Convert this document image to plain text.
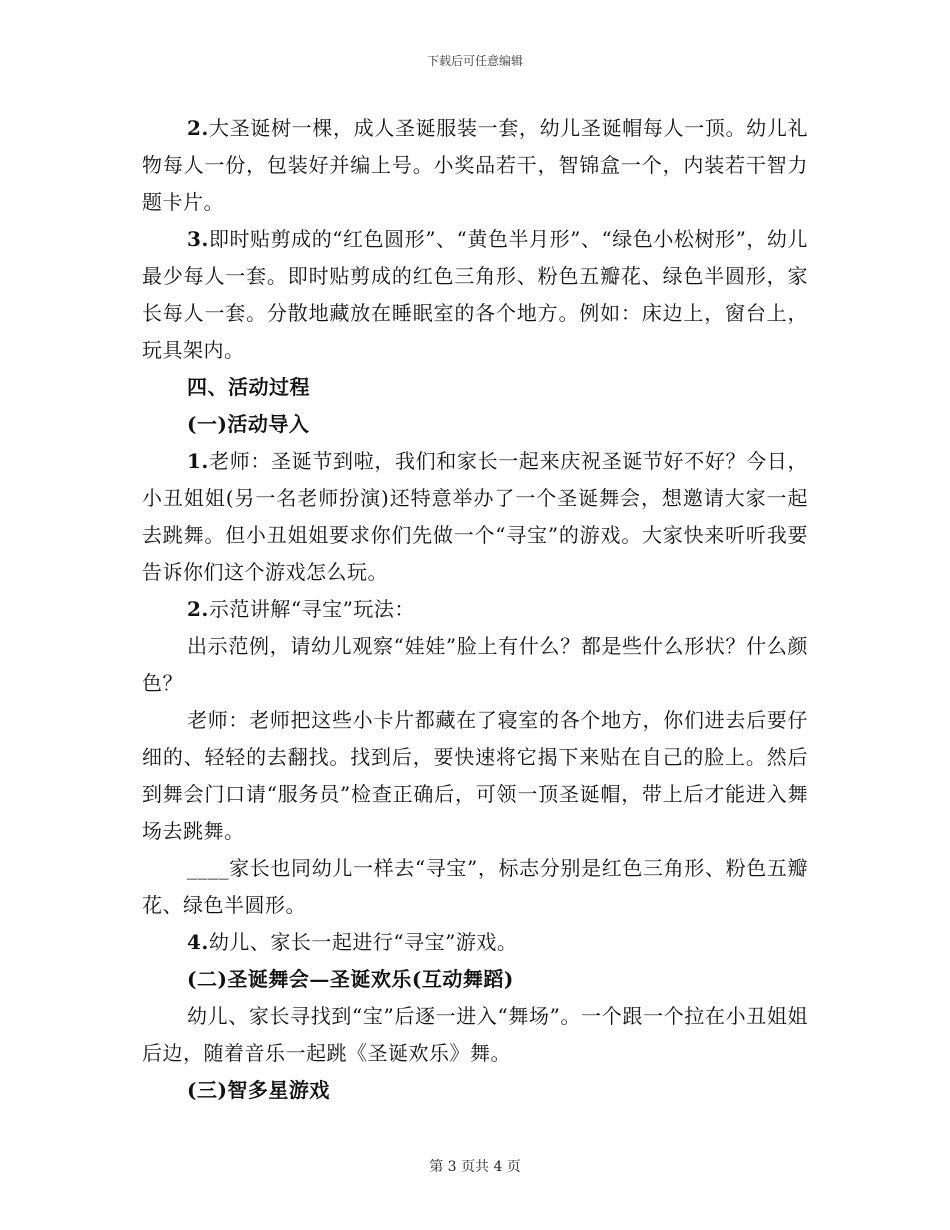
下载后可任意编辑

2.大圣诞树一棵，成人圣诞服装一套，幼儿圣诞帽每人一顶。幼儿礼物每人一份，包装好并编上号。小奖品若干，智锦盒一个，内装若干智力题卡片。

3.即时贴剪成的“红色圆形”、“黄色半月形”、“绿色小松树形”，幼儿最少每人一套。即时贴剪成的红色三角形、粉色五瓣花、绿色半圆形，家长每人一套。分散地藏放在睡眠室的各个地方。例如：床边上，窗台上，玩具架内。

四、活动过程

(一)活动导入

1.老师：圣诞节到啦，我们和家长一起来庆祝圣诞节好不好？今日，小丑姐姐(另一名老师扮演)还特意举办了一个圣诞舞会，想邀请大家一起去跳舞。但小丑姐姐要求你们先做一个“寻宝”的游戏。大家快来听听我要告诉你们这个游戏怎么玩。

2.示范讲解“寻宝”玩法：

出示范例，请幼儿观察“娃娃”脸上有什么？都是些什么形状？什么颜色？

老师：老师把这些小卡片都藏在了寝室的各个地方，你们进去后要仔细的、轻轻的去翻找。找到后，要快速将它揭下来贴在自己的脸上。然后到舞会门口请“服务员”检查正确后，可领一顶圣诞帽，带上后才能进入舞场去跳舞。

____家长也同幼儿一样去“寻宝”，标志分别是红色三角形、粉色五瓣花、绿色半圆形。

4.幼儿、家长一起进行“寻宝”游戏。

(二)圣诞舞会—圣诞欢乐(互动舞蹈)

幼儿、家长寻找到“宝”后逐一进入“舞场”。一个跟一个拉在小丑姐姐后边，随着音乐一起跳《圣诞欢乐》舞。

(三)智多星游戏

第 3 页共 4 页
